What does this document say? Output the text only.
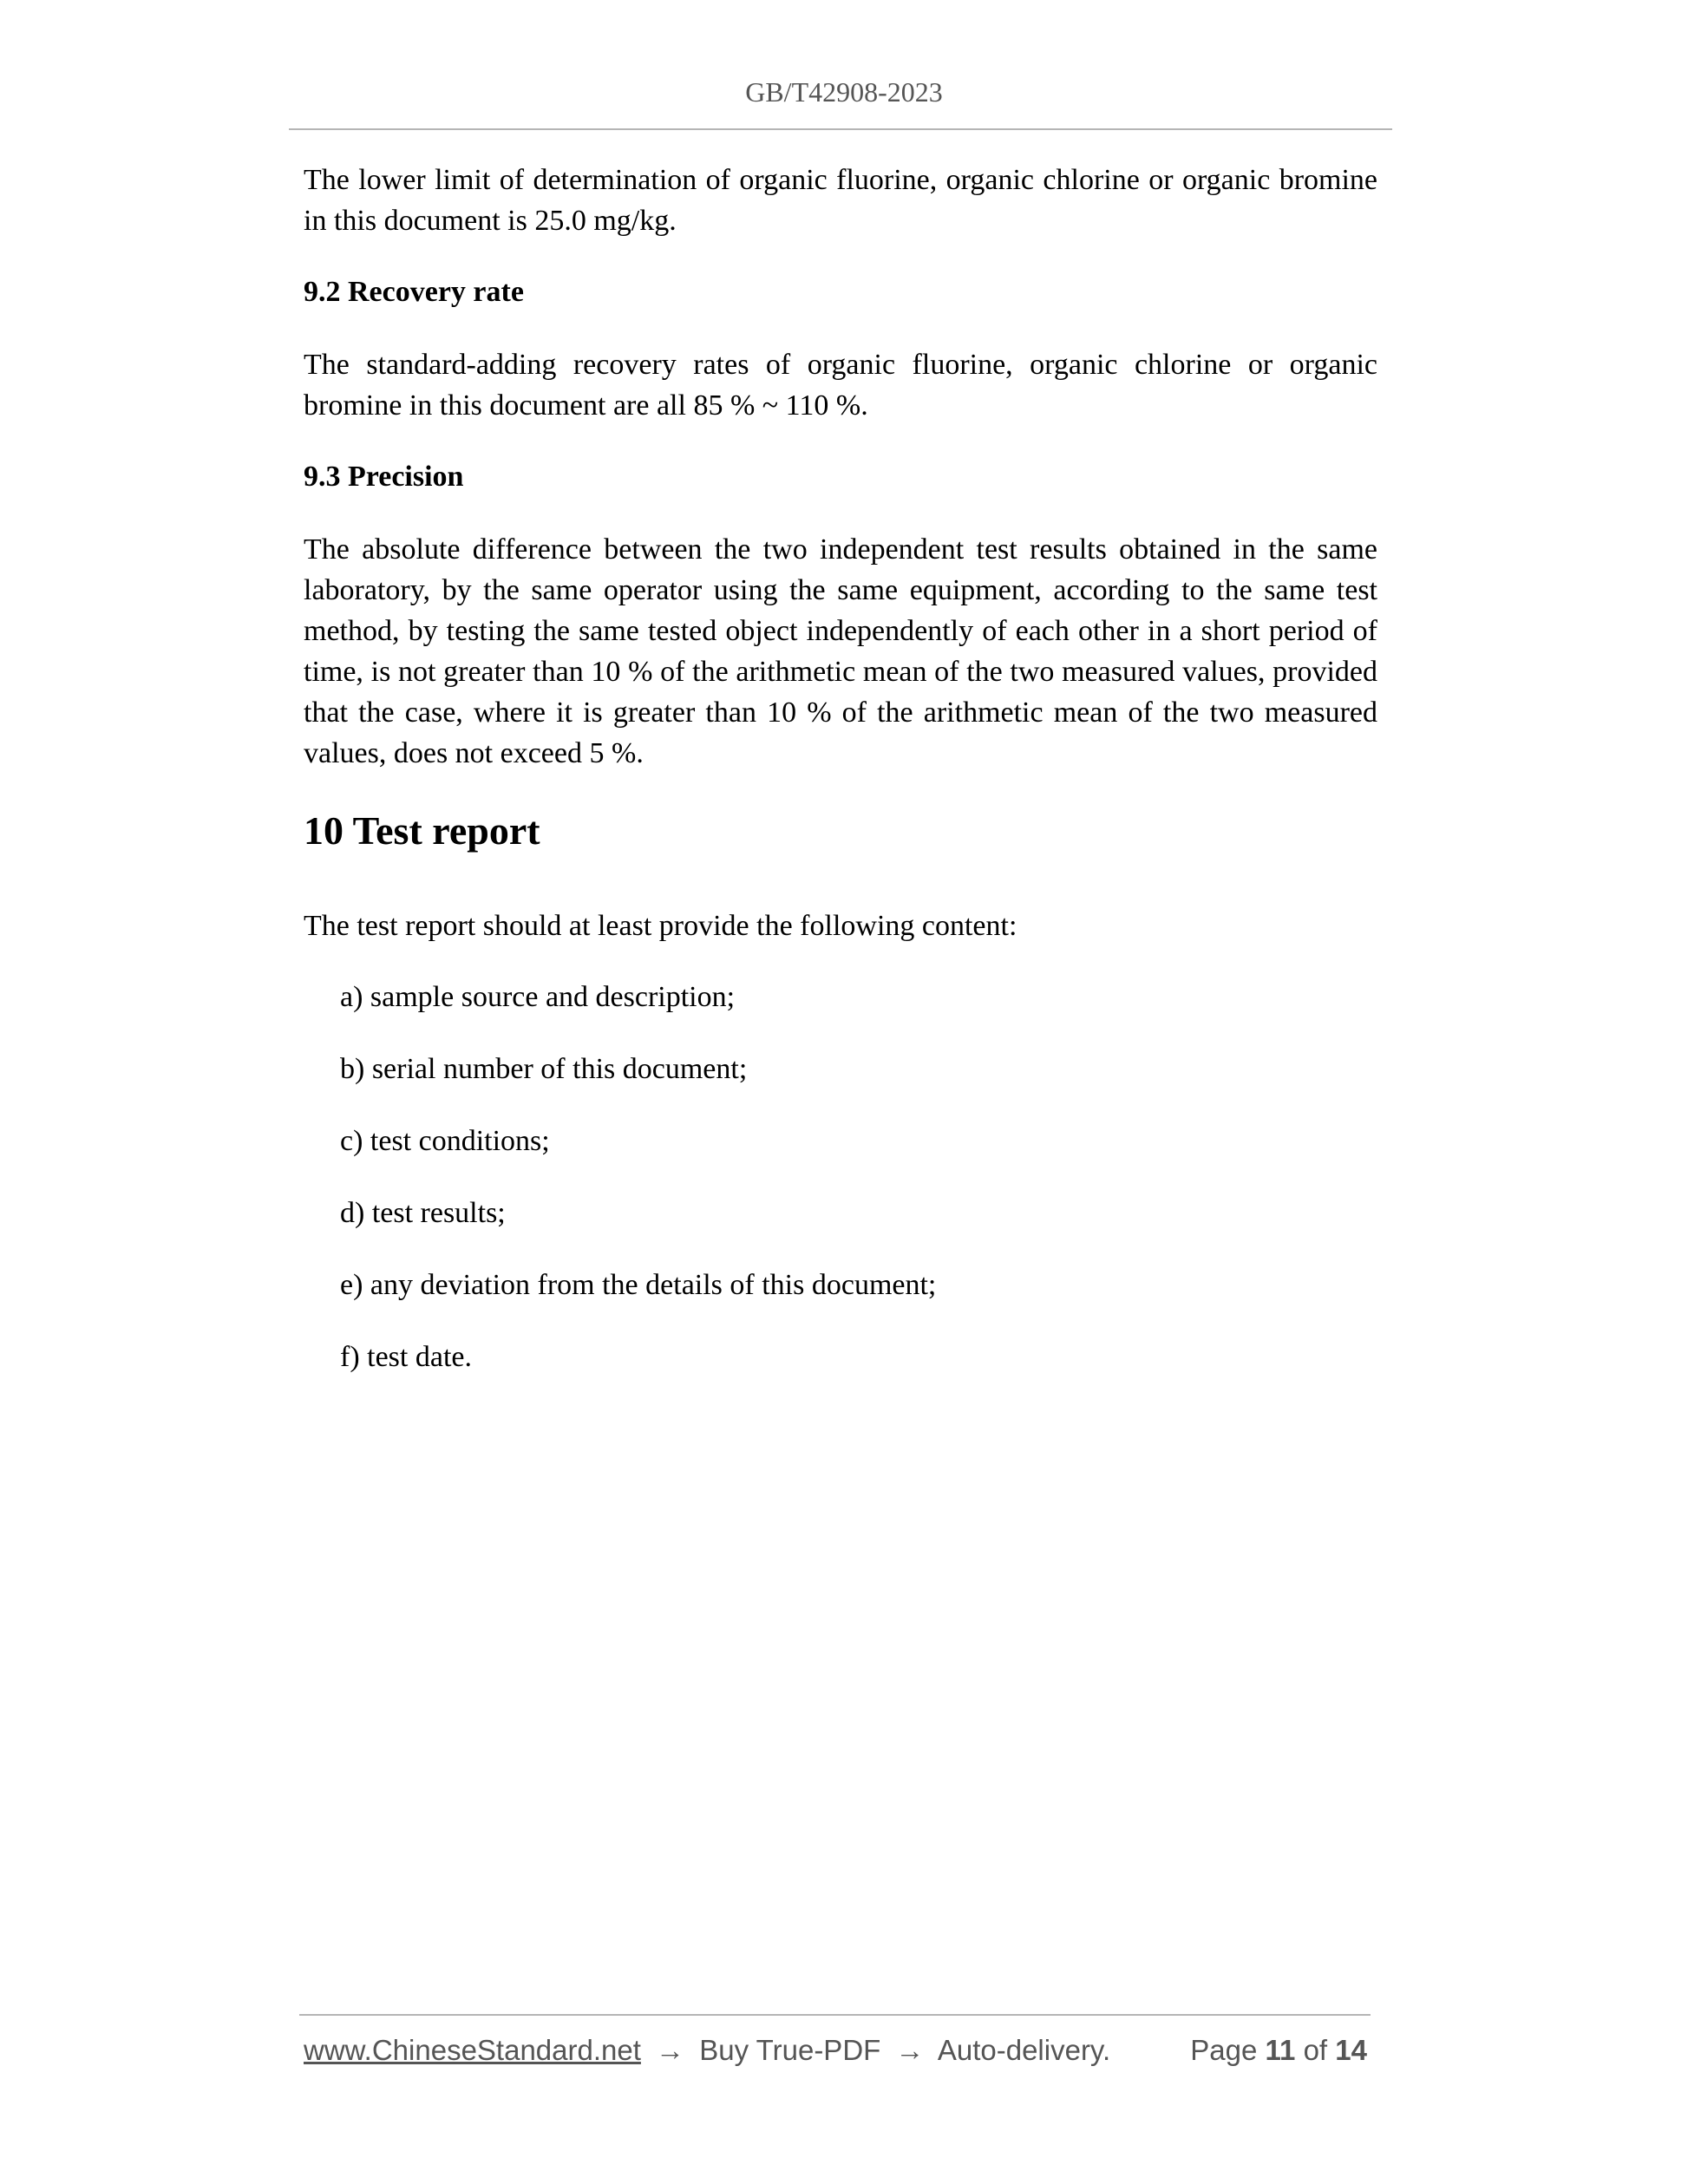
GB/T42908-2023

The lower limit of determination of organic fluorine, organic chlorine or organic bromine in this document is 25.0 mg/kg.

9.2 Recovery rate

The standard-adding recovery rates of organic fluorine, organic chlorine or organic bromine in this document are all 85 % ~ 110 %.

9.3 Precision

The absolute difference between the two independent test results obtained in the same laboratory, by the same operator using the same equipment, according to the same test method, by testing the same tested object independently of each other in a short period of time, is not greater than 10 % of the arithmetic mean of the two measured values, provided that the case, where it is greater than 10 % of the arithmetic mean of the two measured values, does not exceed 5 %.

10 Test report

The test report should at least provide the following content:

a) sample source and description;
b) serial number of this document;
c) test conditions;
d) test results;
e) any deviation from the details of this document;
f) test date.
www.ChineseStandard.net → Buy True-PDF → Auto-delivery.	Page 11 of 14
